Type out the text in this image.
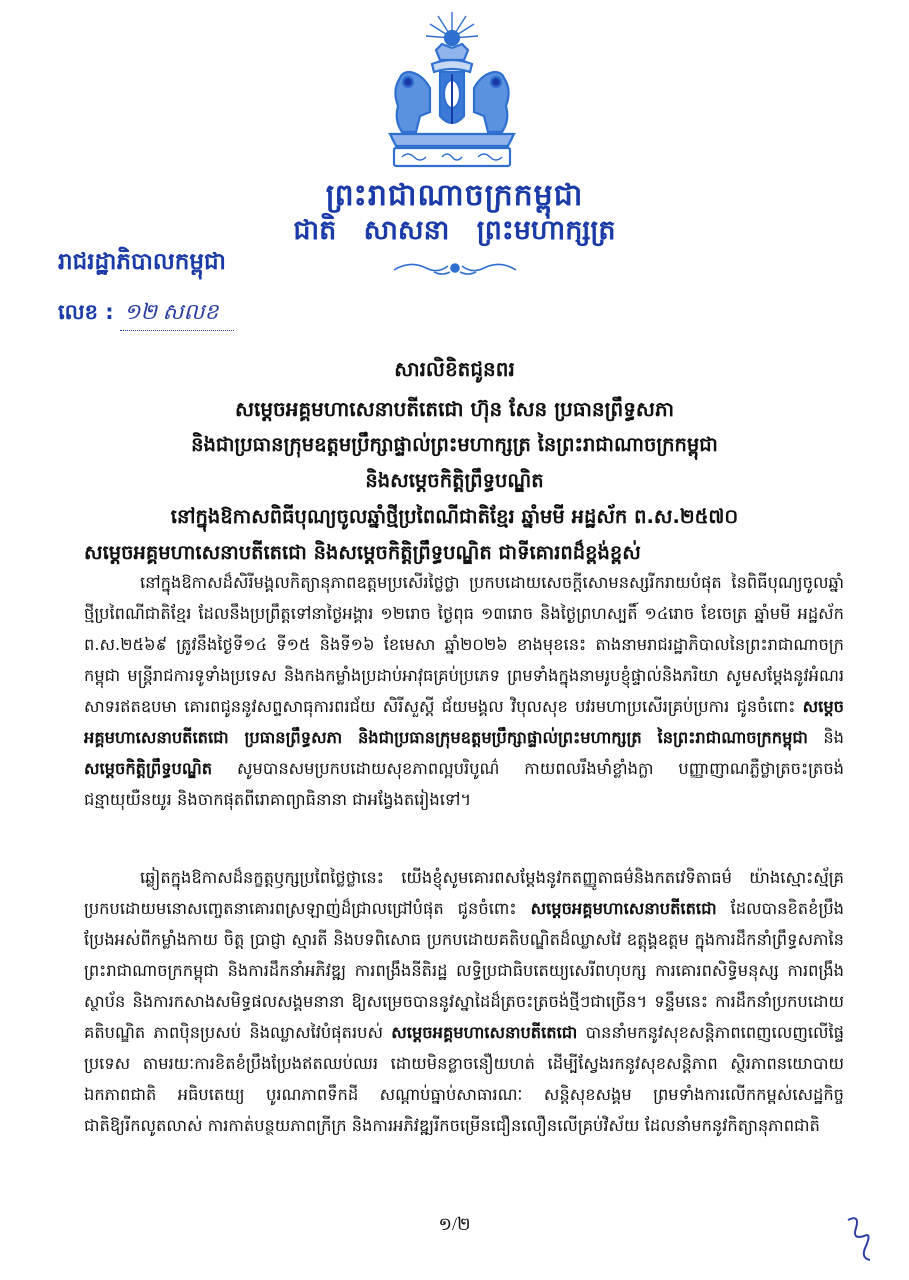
ព្រះរាជាណាចក្រកម្ពុជា
ជាតិ សាសនា ព្រះមហាក្សត្រ
រាជរដ្ឋាភិបាលកម្ពុជា
លេខ : ១២ សលខ
សារលិខិតជូនពរ
សម្ដេចអគ្គមហាសេនាបតីតេជោ ហ៊ុន សែន ប្រធានព្រឹទ្ធសភា
និងជាប្រធានក្រុមឧត្តមប្រឹក្សាផ្ទាល់ព្រះមហាក្សត្រ នៃព្រះរាជាណាចក្រកម្ពុជា
និងសម្ដេចកិត្តិព្រឹទ្ធបណ្ឌិត
នៅក្នុងឱកាសពិធីបុណ្យចូលឆ្នាំថ្មីប្រពៃណីជាតិខ្មែរ ឆ្នាំមមី អដ្ឋស័ក ព.ស.២៥៧០
សម្ដេចអគ្គមហាសេនាបតីតេជោ និងសម្ដេចកិត្តិព្រឹទ្ធបណ្ឌិត ជាទីគោរពដ៏ខ្ពង់ខ្ពស់
នៅក្នុងឱកាសដ៏សិរីមង្គលកិត្យានុភាពឧត្តមប្រសើរថ្លៃថ្លា ប្រកបដោយសេចក្ដីសោមនស្សរីករាយបំផុត នៃពិធីបុណ្យចូលឆ្នាំថ្មីប្រពៃណីជាតិខ្មែរ ដែលនឹងប្រព្រឹត្តទៅនាថ្ងៃអង្គារ ១២រោច ថ្ងៃពុធ ១៣រោច និងថ្ងៃព្រហស្បតិ៍ ១៤រោច ខែចេត្រ ឆ្នាំមមី អដ្ឋស័ក ព.ស.២៥៦៩ ត្រូវនឹងថ្ងៃទី១៤ ទី១៥ និងទី១៦ ខែមេសា ឆ្នាំ២០២៦ ខាងមុខនេះ តាងនាមរាជរដ្ឋាភិបាលនៃព្រះរាជាណាចក្រកម្ពុជា មន្ត្រីរាជការទូទាំងប្រទេស និងកងកម្លាំងប្រដាប់អាវុធគ្រប់ប្រភេទ ព្រមទាំងក្នុងនាមរូបខ្ញុំផ្ទាល់និងភរិយា សូមសម្ដែងនូវអំណរសាទរឥតឧបមា គោរពជូននូវសព្ទសាធុការពរជ័យ សិរីសួស្ដី ជ័យមង្គល វិបុលសុខ បវរមហាប្រសើរគ្រប់ប្រការ ជូនចំពោះ សម្ដេចអគ្គមហាសេនាបតីតេជោ ប្រធានព្រឹទ្ធសភា និងជាប្រធានក្រុមឧត្តមប្រឹក្សាផ្ទាល់ព្រះមហាក្សត្រ នៃព្រះរាជាណាចក្រកម្ពុជា និងសម្ដេចកិត្តិព្រឹទ្ធបណ្ឌិត សូមបានសមប្រកបដោយសុខភាពល្អបរិបូណ៌ កាយពលរឹងមាំខ្លាំងក្លា បញ្ញាញាណភ្លឺថ្លាត្រចះត្រចង់ ជន្មាយុយឺនយូរ និងចាកផុតពីរោគាព្យាធិនានា ជាអង្វែងតរៀងទៅ។
ឆ្លៀតក្នុងឱកាសដ៏នក្ខត្តឫក្សប្រពៃថ្លៃថ្លានេះ យើងខ្ញុំសូមគោរពសម្ដែងនូវកតញ្ញូតាធម៌និងកតវេទិតាធម៌ យ៉ាងស្មោះស្ម័គ្រ ប្រកបដោយមនោសញ្ចេតនាគោរពស្រឡាញ់ដ៏ជ្រាលជ្រៅបំផុត ជូនចំពោះ សម្ដេចអគ្គមហាសេនាបតីតេជោ ដែលបានខិតខំប្រឹងប្រែងអស់ពីកម្លាំងកាយ ចិត្ត ប្រាជ្ញា ស្មារតី និងបទពិសោធ ប្រកបដោយគតិបណ្ឌិតដ៏ឈ្លាសវៃ ឧត្តុង្គឧត្តម ក្នុងការដឹកនាំព្រឹទ្ធសភានៃព្រះរាជាណាចក្រកម្ពុជា និងការដឹកនាំអភិវឌ្ឍ ការពង្រឹងនីតិរដ្ឋ លទ្ធិប្រជាធិបតេយ្យសេរីពហុបក្ស ការគោរពសិទ្ធិមនុស្ស ការពង្រឹងស្ថាប័ន និងការកសាងសមិទ្ធផលសង្គមនានា ឱ្យសម្រេចបាននូវស្នាដៃដ៏ត្រចះត្រចង់ថ្មីៗជាច្រើន។ ទន្ទឹមនេះ ការដឹកនាំប្រកបដោយគតិបណ្ឌិត ភាពប៉ិនប្រសប់ និងឈ្លាសវៃបំផុតរបស់ សម្ដេចអគ្គមហាសេនាបតីតេជោ បាននាំមកនូវសុខសន្តិភាពពេញលេញលើផ្ទៃប្រទេស តាមរយៈការខិតខំប្រឹងប្រែងឥតឈប់ឈរ ដោយមិនខ្លាចនឿយហត់ ដើម្បីស្វែងរកនូវសុខសន្តិភាព ស្ថិរភាពនយោបាយ ឯកភាពជាតិ អធិបតេយ្យ បូរណភាពទឹកដី សណ្ដាប់ធ្នាប់សាធារណៈ សន្តិសុខសង្គម ព្រមទាំងការលើកកម្ពស់សេដ្ឋកិច្ចជាតិឱ្យរីកលូតលាស់ ការកាត់បន្ថយភាពក្រីក្រ និងការអភិវឌ្ឍរីកចម្រើនជឿនលឿនលើគ្រប់វិស័យ ដែលនាំមកនូវកិត្យានុភាពជាតិ
១/២
